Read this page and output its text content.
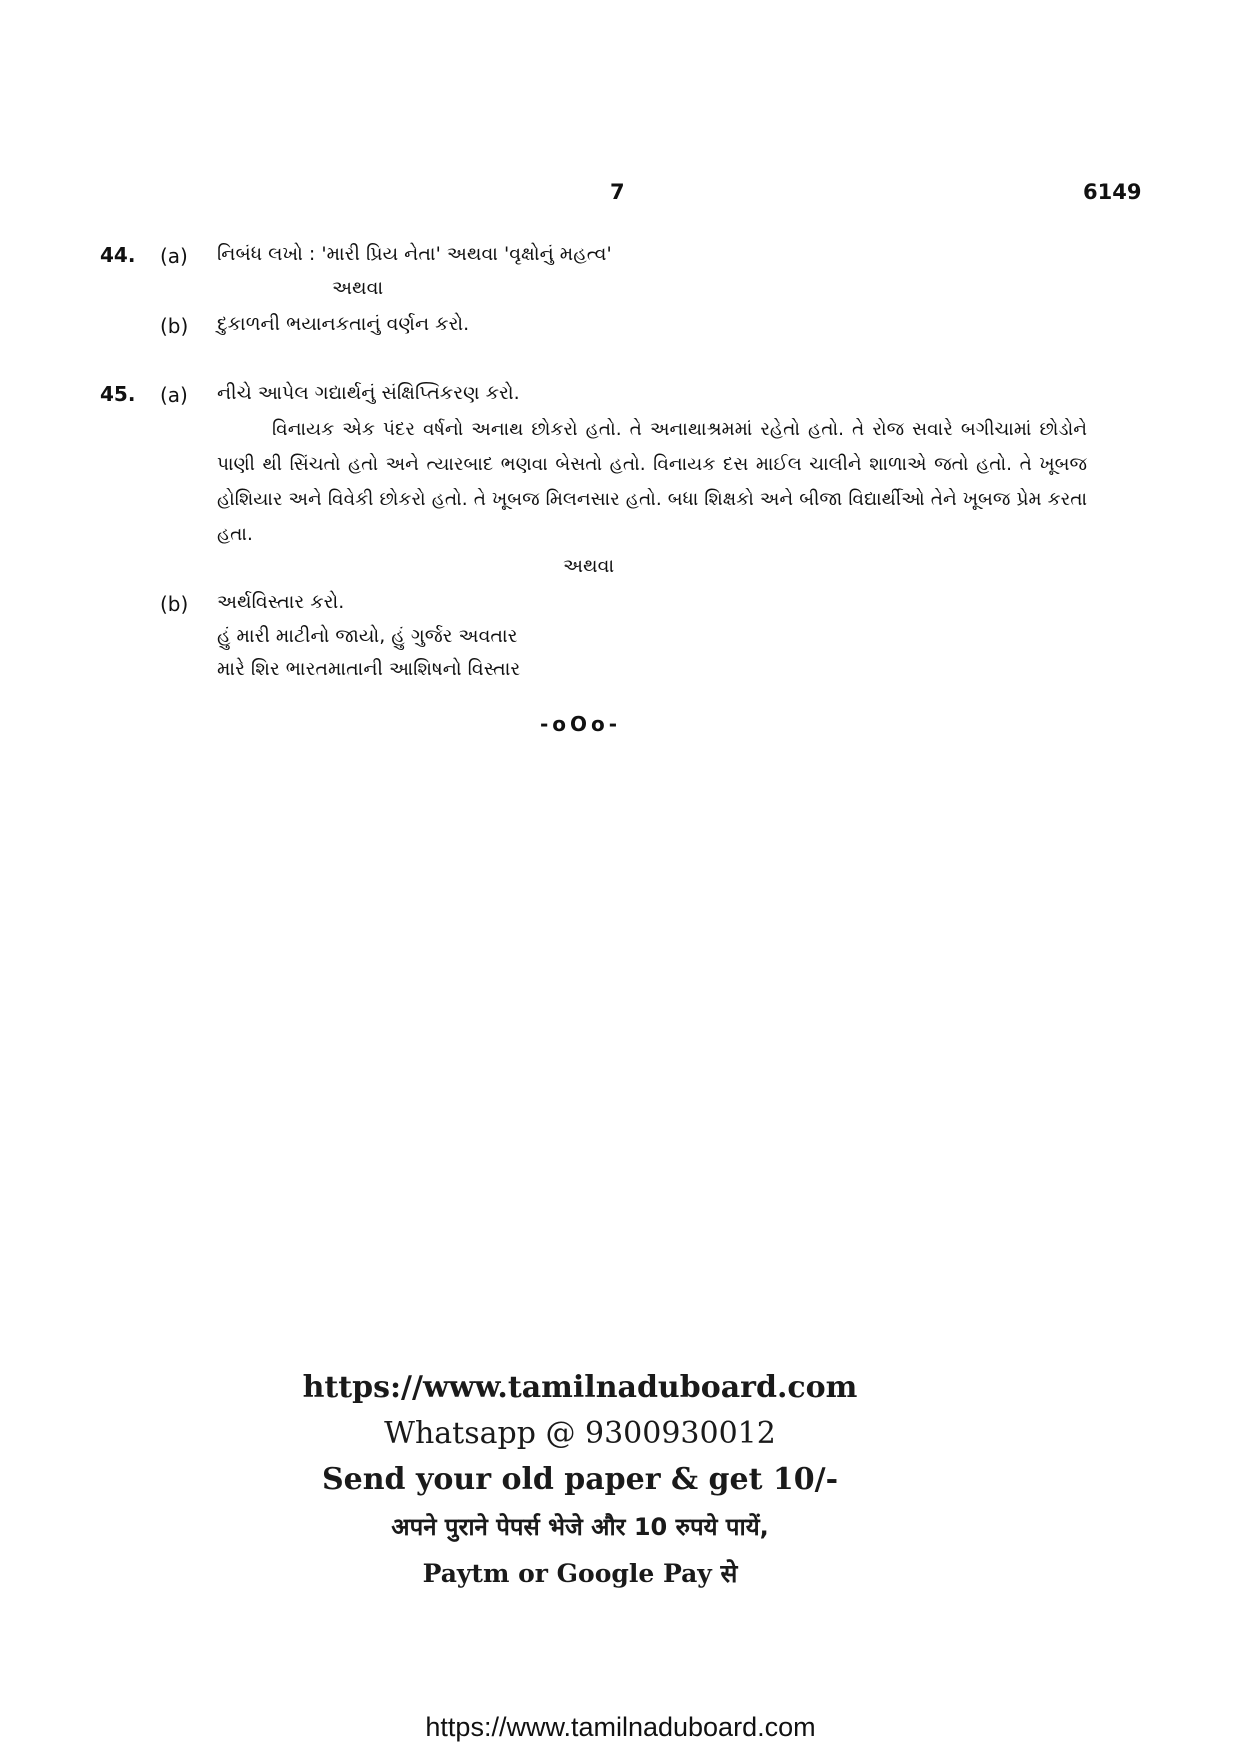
7	6149
44. (a) નિબંધ લખો : 'મારી પ્રિય નેતા' અથવા 'વૃક્ષોનું મહત્વ'
અથવા
(b) દુકાળની ભયાનકતાનું વર્ણન કરો.
45. (a) નીચે આપેલ ગદ્યાર્થનું સંક્ષિપ્તિકરણ કરો.
વિનાયક એક પંદર વર્ષનો અનાથ છોકરો હતો. તે અનાથાશ્રમમાં રહેતો હતો. તે રોજ સવારે બગીચામાં છોડોને પાણી થી સિંચતો હતો અને ત્યારબાદ ભણવા બેસતો હતો. વિનાયક દસ માઈલ ચાલીને શાળાએ જતો હતો. તે ખૂબજ હોશિયાર અને વિવેકી છોકરો હતો. તે ખૂબજ મિલનસાર હતો. બધા શિક્ષકો અને બીજા વિદ્યાર્થીઓ તેને ખૂબજ પ્રેમ કરતા હતા.
અથવા
(b) અર્થવિસ્તાર કરો.
હું મારી માટીનો જાયો, હું ગુર્જર અવતાર
મારે શિર ભારતમાતાની આશિષનો વિસ્તાર
-oOo-
https://www.tamilnaduboard.com
Whatsapp @ 9300930012
Send your old paper & get 10/-
अपने पुराने पेपर्स भेजे और 10 रुपये पायें,
Paytm or Google Pay से
https://www.tamilnaduboard.com
